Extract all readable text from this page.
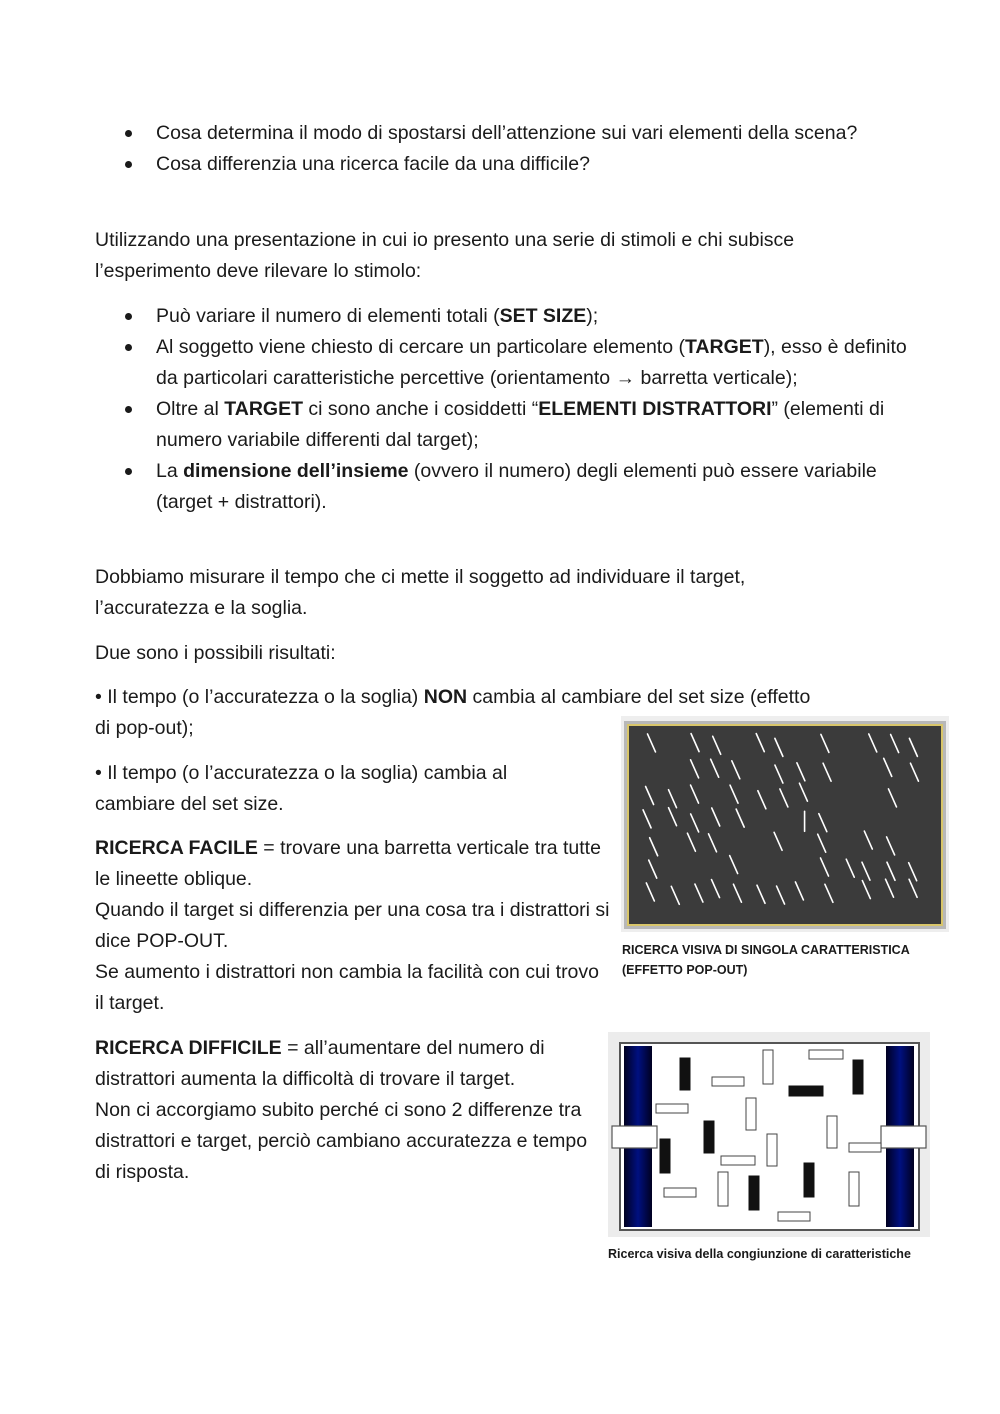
Cosa determina il modo di spostarsi dell’attenzione sui vari elementi della scena?
Cosa differenzia una ricerca facile da una difficile?

Utilizzando una presentazione in cui io presento una serie di stimoli e chi subisce l’esperimento deve rilevare lo stimolo:

Può variare il numero di elementi totali (SET SIZE);
Al soggetto viene chiesto di cercare un particolare elemento (TARGET), esso è definito da particolari caratteristiche percettive (orientamento → barretta verticale);
Oltre al TARGET ci sono anche i cosiddetti “ELEMENTI DISTRATTORI” (elementi di numero variabile differenti dal target);
La dimensione dell’insieme (ovvero il numero) degli elementi può essere variabile (target + distrattori).

Dobbiamo misurare il tempo che ci mette il soggetto ad individuare il target, l’accuratezza e la soglia.

Due sono i possibili risultati:

• Il tempo (o l’accuratezza o la soglia) NON cambia al cambiare del set size (effetto
di pop-out);

• Il tempo (o l’accuratezza o la soglia) cambia al cambiare del set size.

RICERCA FACILE = trovare una barretta verticale tra tutte le lineette oblique.
Quando il target si differenzia per una cosa tra i distrattori si dice POP-OUT.
Se aumento i distrattori non cambia la facilità con cui trovo il target.

RICERCA DIFFICILE = all’aumentare del numero di distrattori aumenta la difficoltà di trovare il target.
Non ci accorgiamo subito perché ci sono 2 differenze tra distrattori e target, perciò cambiano accuratezza e tempo di risposta.

RICERCA VISIVA DI SINGOLA CARATTERISTICA (EFFETTO POP-OUT)
Ricerca visiva della congiunzione di caratteristiche
